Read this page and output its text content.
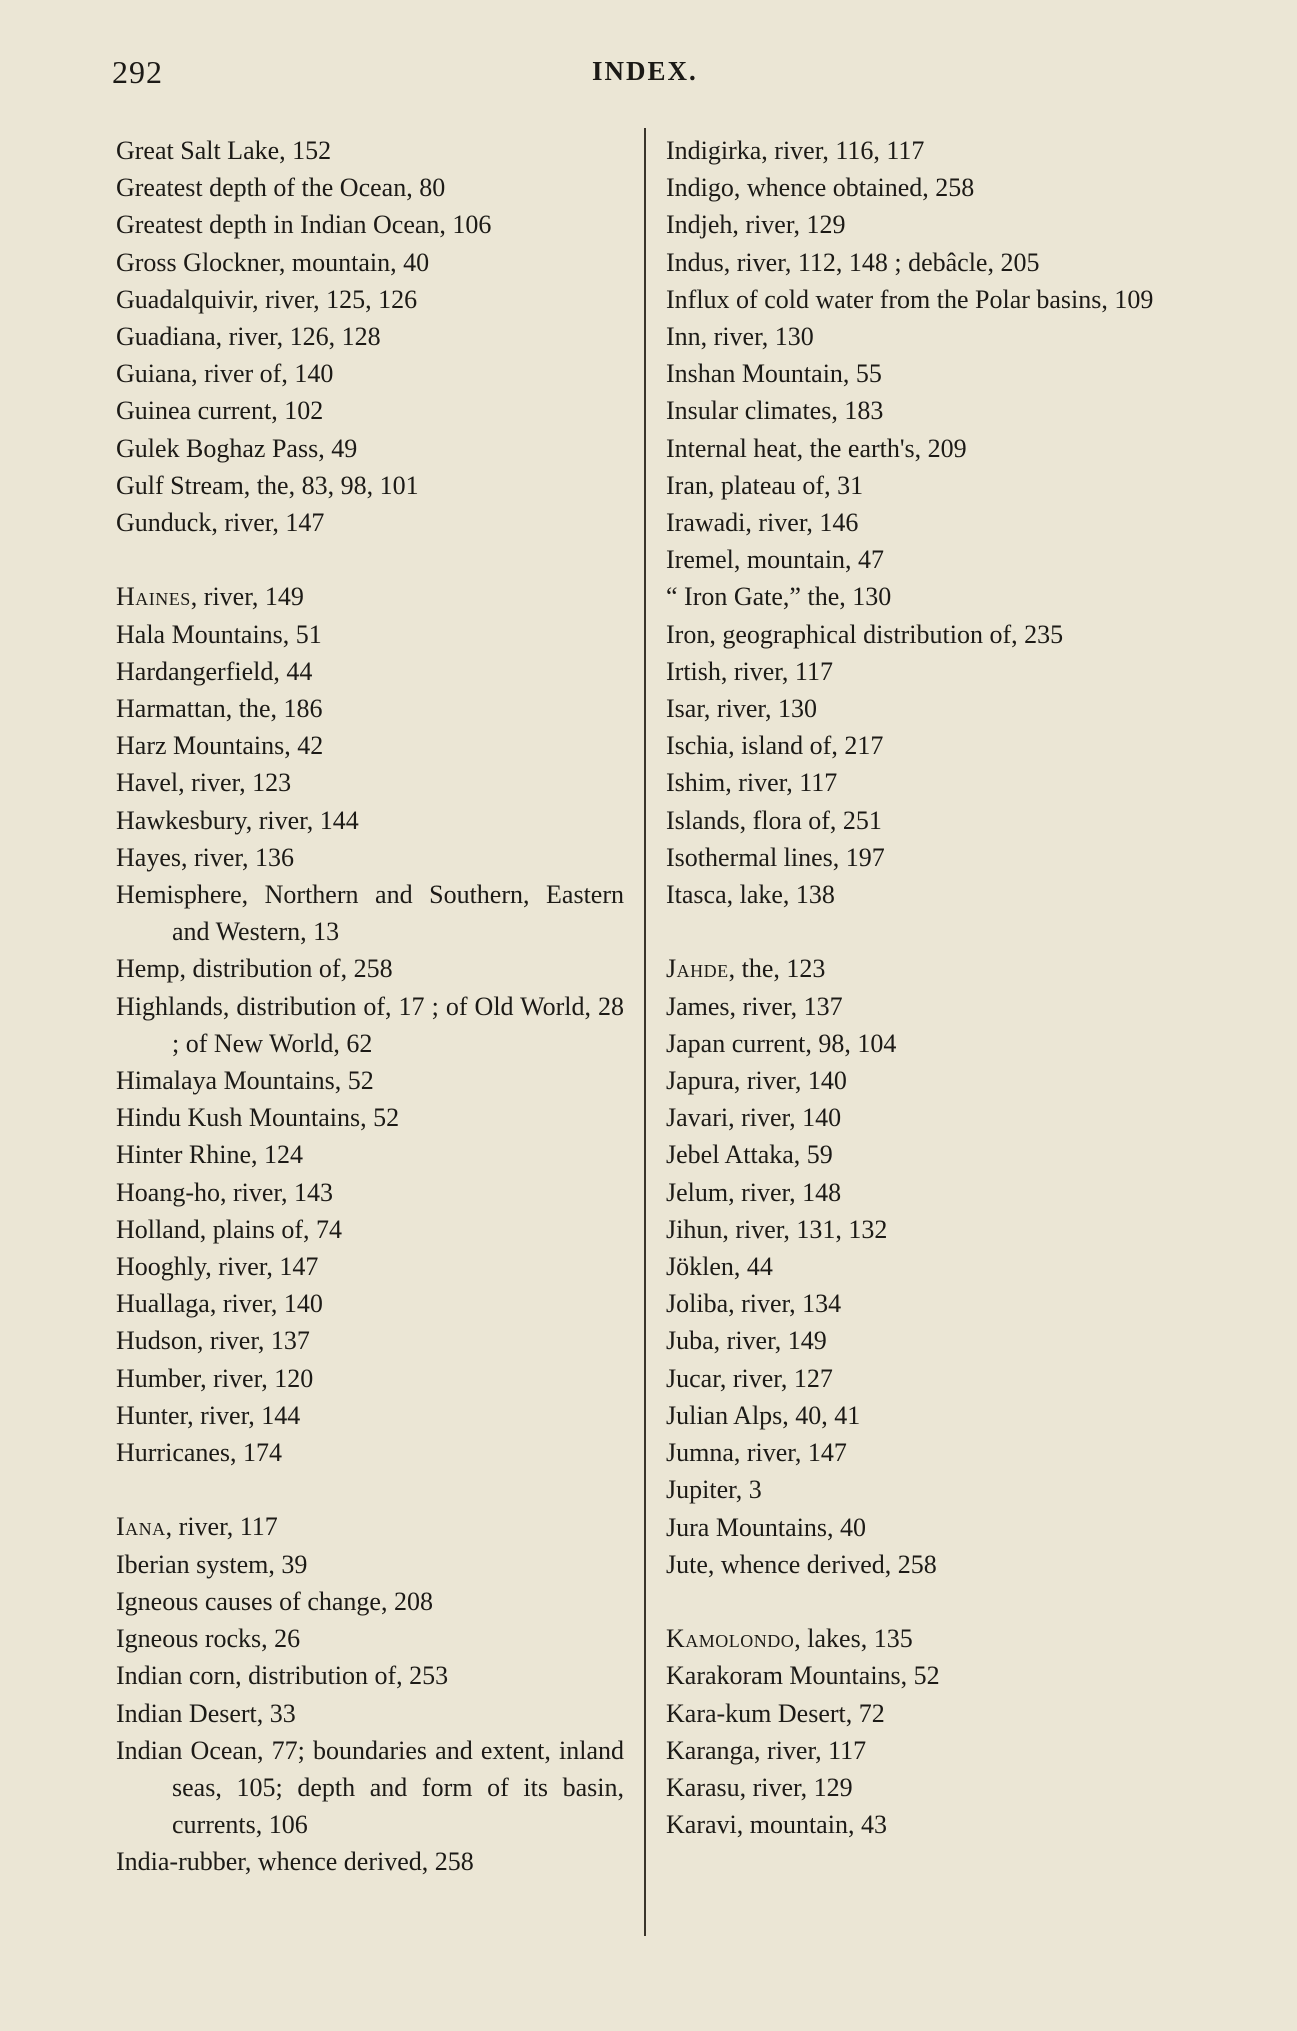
292	INDEX.
Great Salt Lake, 152
Greatest depth of the Ocean, 80
Greatest depth in Indian Ocean, 106
Gross Glockner, mountain, 40
Guadalquivir, river, 125, 126
Guadiana, river, 126, 128
Guiana, river of, 140
Guinea current, 102
Gulek Boghaz Pass, 49
Gulf Stream, the, 83, 98, 101
Gunduck, river, 147
Haines, river, 149
Hala Mountains, 51
Hardangerfield, 44
Harmattan, the, 186
Harz Mountains, 42
Havel, river, 123
Hawkesbury, river, 144
Hayes, river, 136
Hemisphere, Northern and Southern, Eastern and Western, 13
Hemp, distribution of, 258
Highlands, distribution of, 17 ; of Old World, 28 ; of New World, 62
Himalaya Mountains, 52
Hindu Kush Mountains, 52
Hinter Rhine, 124
Hoang-ho, river, 143
Holland, plains of, 74
Hooghly, river, 147
Huallaga, river, 140
Hudson, river, 137
Humber, river, 120
Hunter, river, 144
Hurricanes, 174
Iana, river, 117
Iberian system, 39
Igneous causes of change, 208
Igneous rocks, 26
Indian corn, distribution of, 253
Indian Desert, 33
Indian Ocean, 77; boundaries and extent, inland seas, 105; depth and form of its basin, currents, 106
India-rubber, whence derived, 258
Indigirka, river, 116, 117
Indigo, whence obtained, 258
Indjeh, river, 129
Indus, river, 112, 148 ; debâcle, 205
Influx of cold water from the Polar basins, 109
Inn, river, 130
Inshan Mountain, 55
Insular climates, 183
Internal heat, the earth's, 209
Iran, plateau of, 31
Irawadi, river, 146
Iremel, mountain, 47
“ Iron Gate,” the, 130
Iron, geographical distribution of, 235
Irtish, river, 117
Isar, river, 130
Ischia, island of, 217
Ishim, river, 117
Islands, flora of, 251
Isothermal lines, 197
Itasca, lake, 138
Jahde, the, 123
James, river, 137
Japan current, 98, 104
Japura, river, 140
Javari, river, 140
Jebel Attaka, 59
Jelum, river, 148
Jihun, river, 131, 132
Jöklen, 44
Joliba, river, 134
Juba, river, 149
Jucar, river, 127
Julian Alps, 40, 41
Jumna, river, 147
Jupiter, 3
Jura Mountains, 40
Jute, whence derived, 258
Kamolondo, lakes, 135
Karakoram Mountains, 52
Kara-kum Desert, 72
Karanga, river, 117
Karasu, river, 129
Karavi, mountain, 43
